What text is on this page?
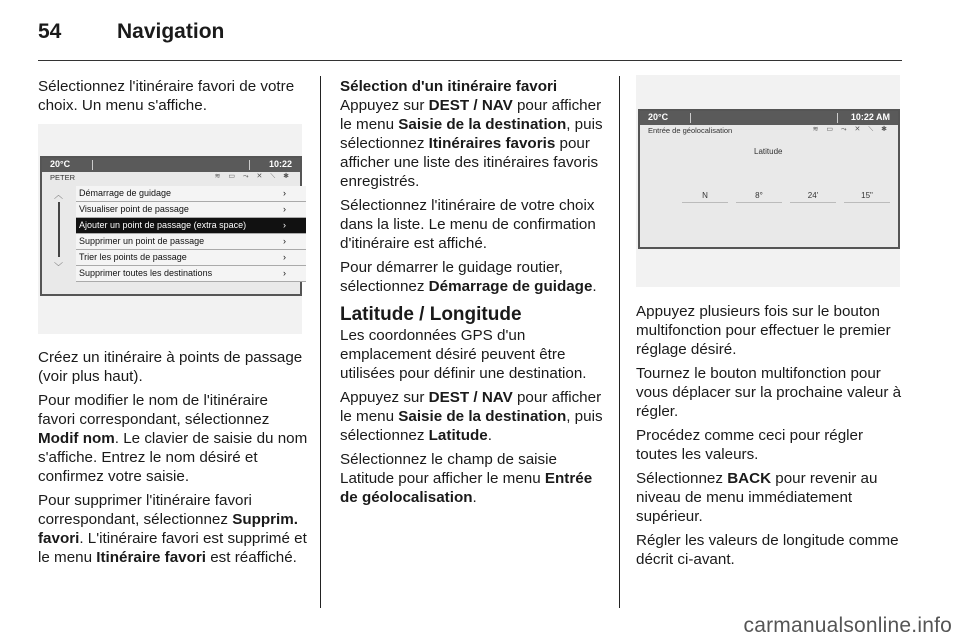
54	Navigation

Sélectionnez l'itinéraire favori de votre choix. Un menu s'affiche.

20°C	10:22
PETER	≋ ▭ ⤳ ✕ ⟍ ✱
︿
﹀
Démarrage de guidage	›
Visualiser point de passage	›
Ajouter un point de passage (extra space)	›
Supprimer un point de passage	›
Trier les points de passage	›
Supprimer toutes les destinations	›

Créez un itinéraire à points de passage (voir plus haut).

Pour modifier le nom de l'itinéraire favori correspondant, sélectionnez Modif nom. Le clavier de saisie du nom s'affiche. Entrez le nom désiré et confirmez votre saisie.

Pour supprimer l'itinéraire favori correspondant, sélectionnez Supprim. favori. L'itinéraire favori est supprimé et le menu Itinéraire favori est réaffiché.

Sélection d'un itinéraire favori

Appuyez sur DEST / NAV pour afficher le menu Saisie de la destination, puis sélectionnez Itinéraires favoris pour afficher une liste des itinéraires favoris enregistrés.

Sélectionnez l'itinéraire de votre choix dans la liste. Le menu de confirmation d'itinéraire est affiché.

Pour démarrer le guidage routier, sélectionnez Démarrage de guidage.

Latitude / Longitude

Les coordonnées GPS d'un emplacement désiré peuvent être utilisées pour définir une destination.

Appuyez sur DEST / NAV pour afficher le menu Saisie de la destination, puis sélectionnez Latitude.

Sélectionnez le champ de saisie Latitude pour afficher le menu Entrée de géolocalisation.

20°C	10:22 AM
Entrée de géolocalisation	≋ ▭ ⤳ ✕ ⟍ ✱
Latitude
N	8°	24'	15"

Appuyez plusieurs fois sur le bouton multifonction pour effectuer le premier réglage désiré.

Tournez le bouton multifonction pour vous déplacer sur la prochaine valeur à régler.

Procédez comme ceci pour régler toutes les valeurs.

Sélectionnez BACK pour revenir au niveau de menu immédiatement supérieur.

Régler les valeurs de longitude comme décrit ci-avant.

carmanualsonline.info
